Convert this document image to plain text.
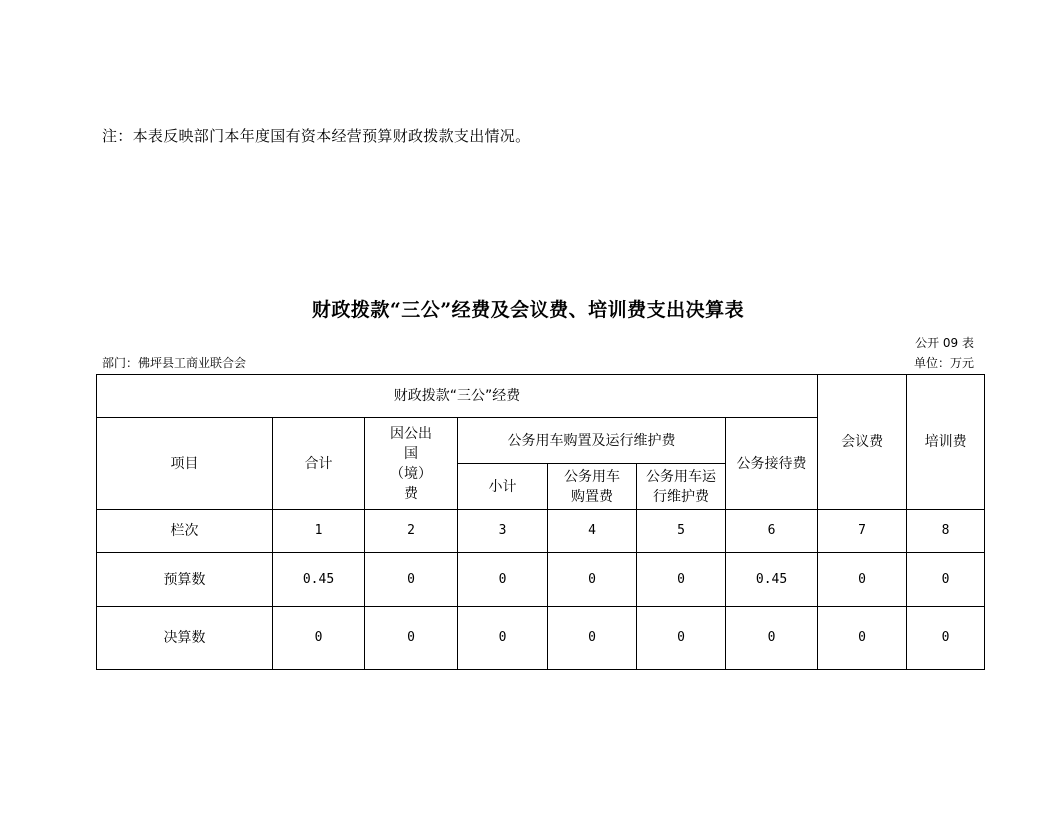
注：本表反映部门本年度国有资本经营预算财政拨款支出情况。
财政拨款“三公”经费及会议费、培训费支出决算表
公开 09 表
部门：佛坪县工商业联合会	单位：万元
财政拨款“三公”经费							会议费	培训费
项目	合计	因公出国（境）费	公务用车购置及运行维护费			公务接待费		
			小计	公务用车购置费	公务用车运行维护费			
栏次	1	2	3	4	5	6	7	8
预算数	0.45	0	0	0	0	0.45	0	0
决算数	0	0	0	0	0	0	0	0
